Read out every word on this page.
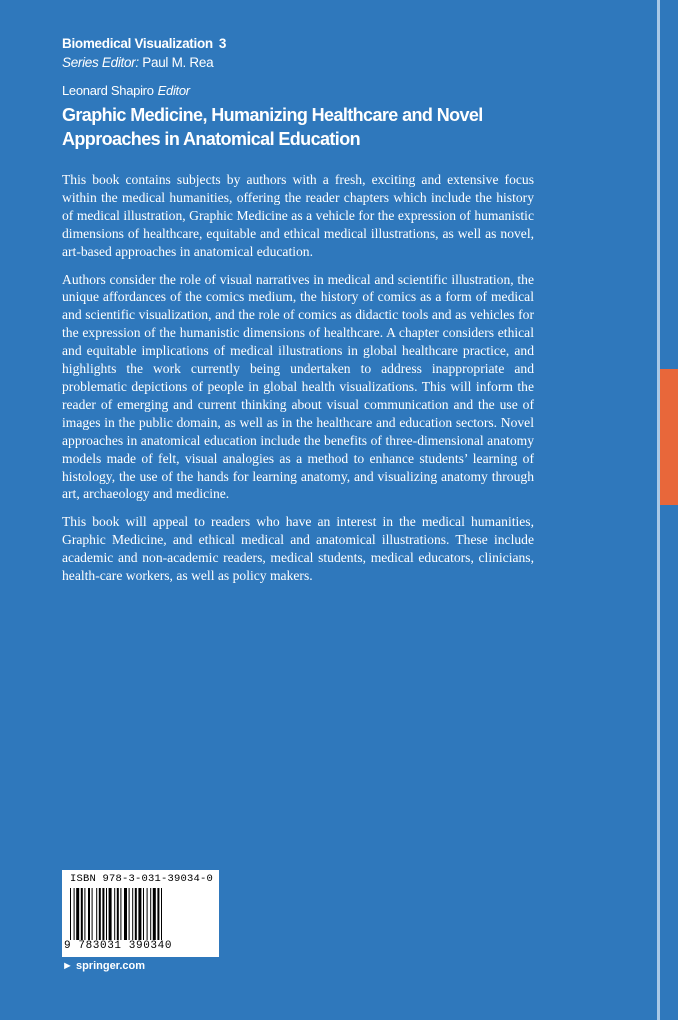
Biomedical Visualization 3
Series Editor: Paul M. Rea
Leonard Shapiro Editor
Graphic Medicine, Humanizing Healthcare and Novel Approaches in Anatomical Education

This book contains subjects by authors with a fresh, exciting and extensive focus within the medical humanities, offering the reader chapters which include the history of medical illustration, Graphic Medicine as a vehicle for the expression of humanistic dimensions of healthcare, equitable and ethical medical illustrations, as well as novel, art-based approaches in anatomical education.

Authors consider the role of visual narratives in medical and scientific illustration, the unique affordances of the comics medium, the history of comics as a form of medical and scientific visualization, and the role of comics as didactic tools and as vehicles for the expression of the humanistic dimensions of healthcare. A chapter considers ethical and equitable implications of medical illustrations in global healthcare practice, and highlights the work currently being undertaken to address inappropriate and problematic depictions of people in global health visualizations. This will inform the reader of emerging and current thinking about visual communication and the use of images in the public domain, as well as in the healthcare and education sectors. Novel approaches in anatomical education include the benefits of three-dimensional anatomy models made of felt, visual analogies as a method to enhance students’ learning of histology, the use of the hands for learning anatomy, and visualizing anatomy through art, archaeology and medicine.

This book will appeal to readers who have an interest in the medical humanities, Graphic Medicine, and ethical medical and anatomical illustrations. These include academic and non-academic readers, medical students, medical educators, clinicians, health-care workers, as well as policy makers.

ISBN 978-3-031-39034-0
9 783031 390340
► springer.com
